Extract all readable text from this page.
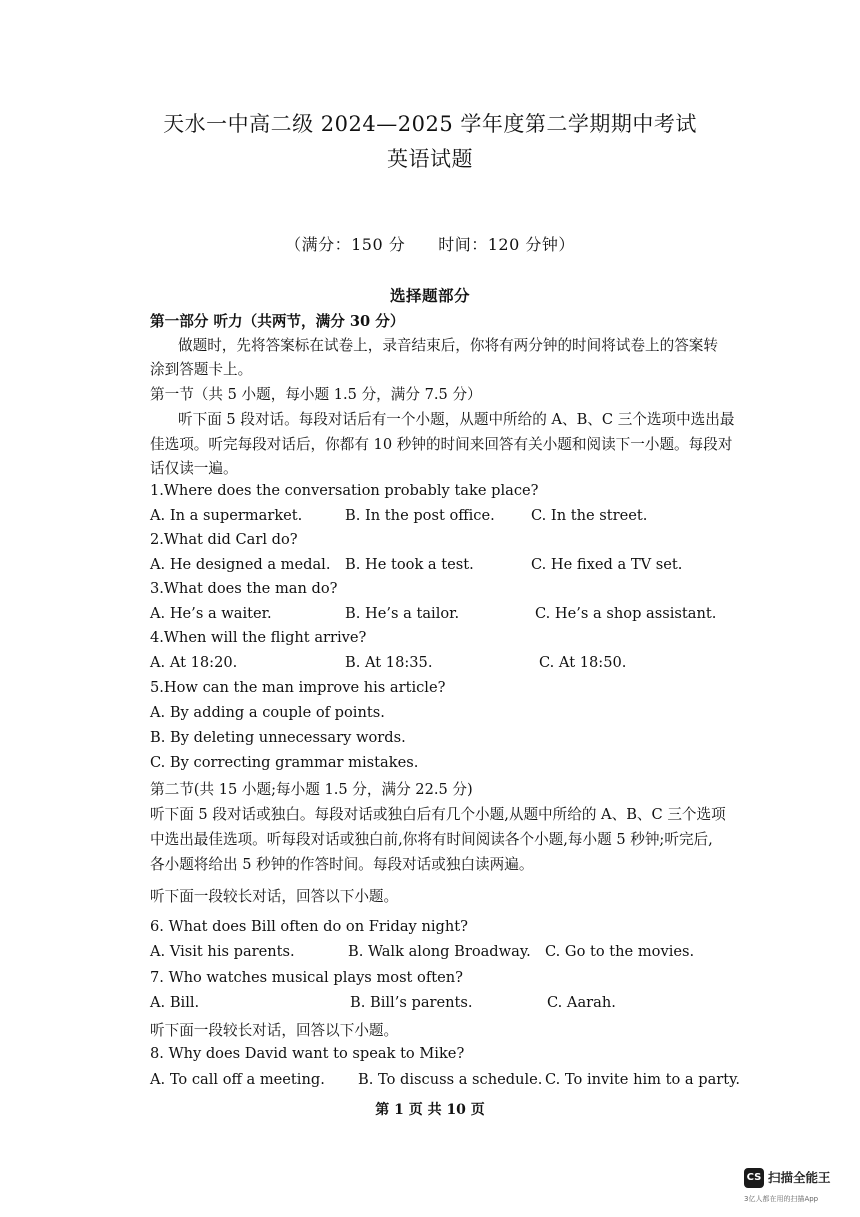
天水一中高二级 2024—2025 学年度第二学期期中考试
英语试题
（满分：150 分　　时间：120 分钟）
选择题部分
第一部分 听力（共两节，满分 30 分）
做题时，先将答案标在试卷上，录音结束后，你将有两分钟的时间将试卷上的答案转
涂到答题卡上。
第一节（共 5 小题，每小题 1.5 分，满分 7.5 分）
听下面 5 段对话。每段对话后有一个小题，从题中所给的 A、B、C 三个选项中选出最
佳选项。听完每段对话后，你都有 10 秒钟的时间来回答有关小题和阅读下一小题。每段对
话仅读一遍。
1.Where does the conversation probably take place?
A. In a supermarket.	B. In the post office. C. In the street.
2.What did Carl do?
A. He designed a medal. B. He took a test.	C. He fixed a TV set.
3.What does the man do?
A. He’s a waiter.	B. He’s a tailor.	C. He’s a shop assistant.
4.When will the flight arrive?
A. At 18:20.	B. At 18:35.	C. At 18:50.
5.How can the man improve his article?
A. By adding a couple of points.
B. By deleting unnecessary words.
C. By correcting grammar mistakes.
第二节(共 15 小题;每小题 1.5 分，满分 22.5 分)
听下面 5 段对话或独白。每段对话或独白后有几个小题,从题中所给的 A、B、C 三个选项
中选出最佳选项。听每段对话或独白前,你将有时间阅读各个小题,每小题 5 秒钟;听完后,
各小题将给出 5 秒钟的作答时间。每段对话或独白读两遍。
听下面一段较长对话，回答以下小题。
6. What does Bill often do on Friday night?
A. Visit his parents.	B. Walk along Broadway. C. Go to the movies.
7. Who watches musical plays most often?
A. Bill.	B. Bill’s parents.	C. Aarah.
听下面一段较长对话，回答以下小题。
8. Why does David want to speak to Mike?
A. To call off a meeting. B. To discuss a schedule. C. To invite him to a party.
第 1 页 共 10 页
CS 扫描全能王
3亿人都在用的扫描App
